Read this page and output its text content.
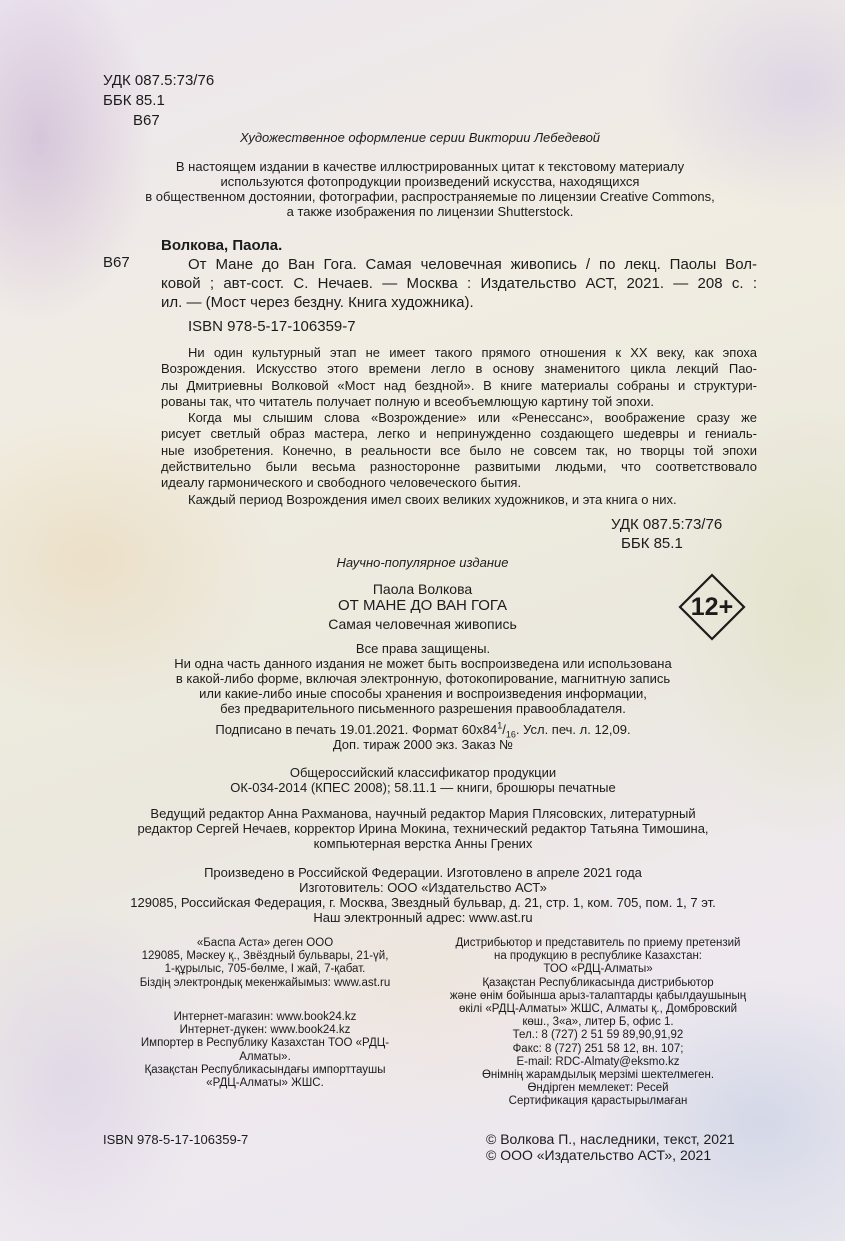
УДК 087.5:73/76
ББК 85.1
В67
Художественное оформление серии Виктории Лебедевой
В настоящем издании в качестве иллюстрированных цитат к текстовому материалу
используются фотопродукции произведений искусства, находящихся
в общественном достоянии, фотографии, распространяемые по лицензии Creative Commons,
а также изображения по лицензии Shutterstock.
Волкова, Паола.
В67	От Мане до Ван Гога. Самая человечная живопись / по лекц. Паолы Вол-
ковой ; авт-сост. С. Нечаев. — Москва : Издательство АСТ, 2021. — 208 с. :
ил. — (Мост через бездну. Книга художника).
ISBN 978-5-17-106359-7
Ни один культурный этап не имеет такого прямого отношения к ХХ веку, как эпоха
Возрождения. Искусство этого времени легло в основу знаменитого цикла лекций Пао-
лы Дмитриевны Волковой «Мост над бездной». В книге материалы собраны и структури-
рованы так, что читатель получает полную и всеобъемлющую картину той эпохи.
Когда мы слышим слова «Возрождение» или «Ренессанс», воображение сразу же
рисует светлый образ мастера, легко и непринужденно создающего шедевры и гениаль-
ные изобретения. Конечно, в реальности все было не совсем так, но творцы той эпохи
действительно были весьма разносторонне развитыми людьми, что соответствовало
идеалу гармонического и свободного человеческого бытия.
Каждый период Возрождения имел своих великих художников, и эта книга о них.
УДК 087.5:73/76
ББК 85.1
Научно-популярное издание
Паола Волкова
ОТ МАНЕ ДО ВАН ГОГА
Самая человечная живопись
12+
Все права защищены.
Ни одна часть данного издания не может быть воспроизведена или использована
в какой-либо форме, включая электронную, фотокопирование, магнитную запись
или какие-либо иные способы хранения и воспроизведения информации,
без предварительного письменного разрешения правообладателя.
Подписано в печать 19.01.2021. Формат $60x84^1/_{16}$. Усл. печ. л. 12,09.
Доп. тираж 2000 экз. Заказ №
Общероссийский классификатор продукции
ОК-034-2014 (КПЕС 2008); 58.11.1 — книги, брошюры печатные
Ведущий редактор Анна Рахманова, научный редактор Мария Плясовских, литературный
редактор Сергей Нечаев, корректор Ирина Мокина, технический редактор Татьяна Тимошина,
компьютерная верстка Анны Грених
Произведено в Российской Федерации. Изготовлено в апреле 2021 года
Изготовитель: ООО «Издательство АСТ»
129085, Российская Федерация, г. Москва, Звездный бульвар, д. 21, стр. 1, ком. 705, пом. 1, 7 эт.
Наш электронный адрес: www.ast.ru
«Баспа Аста» деген ООО
129085, Мәскеу қ., Звёздный бульвары, 21-үй,
1-құрылыс, 705-бөлме, I жай, 7-қабат.
Біздің электрондық мекенжайымыз: www.ast.ru
Интернет-магазин: www.book24.kz
Интернет-дүкен: www.book24.kz
Импортер в Республику Казахстан ТОО «РДЦ-
Алматы».
Қазақстан Республикасындағы импорттаушы
«РДЦ-Алматы» ЖШС.
Дистрибьютор и представитель по приему претензий
на продукцию в республике Казахстан:
ТОО «РДЦ-Алматы»
Қазақстан Республикасында дистрибьютор
және өнім бойынша арыз-талаптарды қабылдаушының
өкілі «РДЦ-Алматы» ЖШС, Алматы қ., Домбровский
көш., 3«а», литер Б, офис 1.
Тел.: 8 (727) 2 51 59 89,90,91,92
Факс: 8 (727) 251 58 12, вн. 107;
E-mail: RDC-Almaty@eksmo.kz
Өнімнің жарамдылық мерзімі шектелмеген.
Өндірген мемлекет: Ресей
Сертификация қарастырылмаған
ISBN 978-5-17-106359-7	© Волкова П., наследники, текст, 2021
© ООО «Издательство АСТ», 2021
